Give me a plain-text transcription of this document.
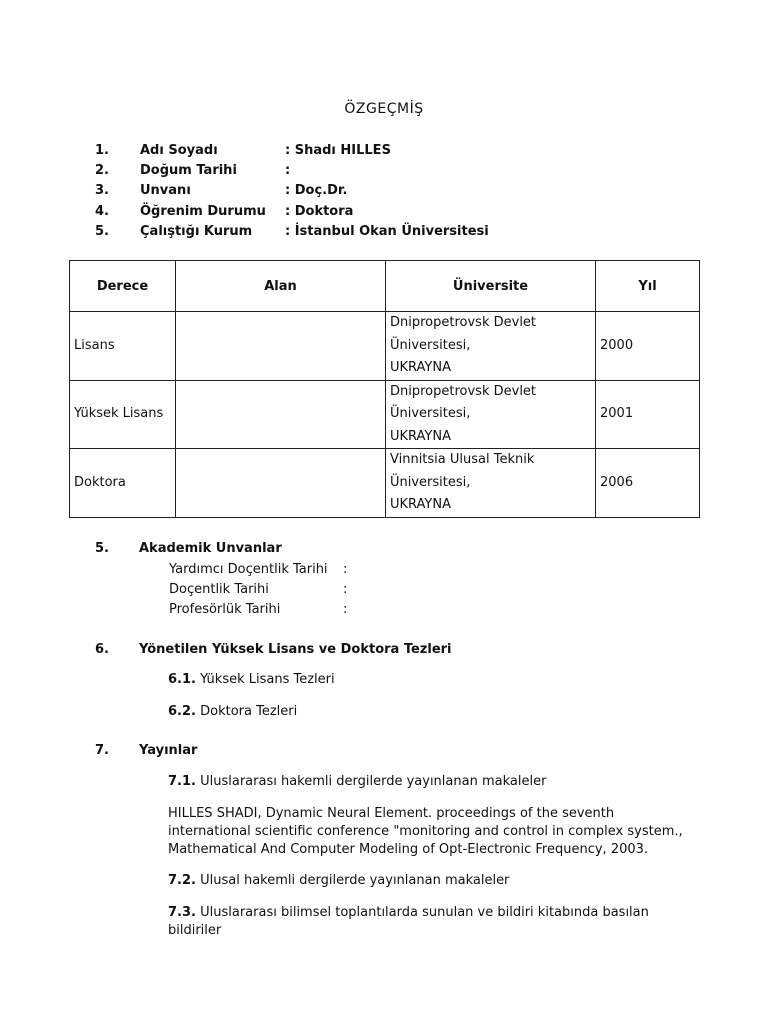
ÖZGEÇMİŞ
1. Adı Soyadı	: Shadı HILLES
2. Doğum Tarihi	:
3. Unvanı	: Doç.Dr.
4. Öğrenim Durumu : Doktora
5. Çalıştığı Kurum	: İstanbul Okan Üniversitesi
Derece	Alan	Üniversite	Yıl
Lisans		Dnipropetrovsk Devlet
Üniversitesi,
UKRAYNA	2000
Yüksek Lisans		Dnipropetrovsk Devlet
Üniversitesi,
UKRAYNA	2001
Doktora		Vinnitsia Ulusal Teknik
Üniversitesi,
UKRAYNA	2006
5. Akademik Unvanlar
Yardımcı Doçentlik Tarihi :
Doçentlik Tarihi	:
Profesörlük Tarihi	:
6. Yönetilen Yüksek Lisans ve Doktora Tezleri
6.1. Yüksek Lisans Tezleri
6.2. Doktora Tezleri
7. Yayınlar
7.1. Uluslararası hakemli dergilerde yayınlanan makaleler
HILLES SHADI, Dynamic Neural Element. proceedings of the seventh
international scientific conference "monitoring and control in complex system.,
Mathematical And Computer Modeling of Opt-Electronic Frequency, 2003.
7.2. Ulusal hakemli dergilerde yayınlanan makaleler
7.3. Uluslararası bilimsel toplantılarda sunulan ve bildiri kitabında basılan
bildiriler
